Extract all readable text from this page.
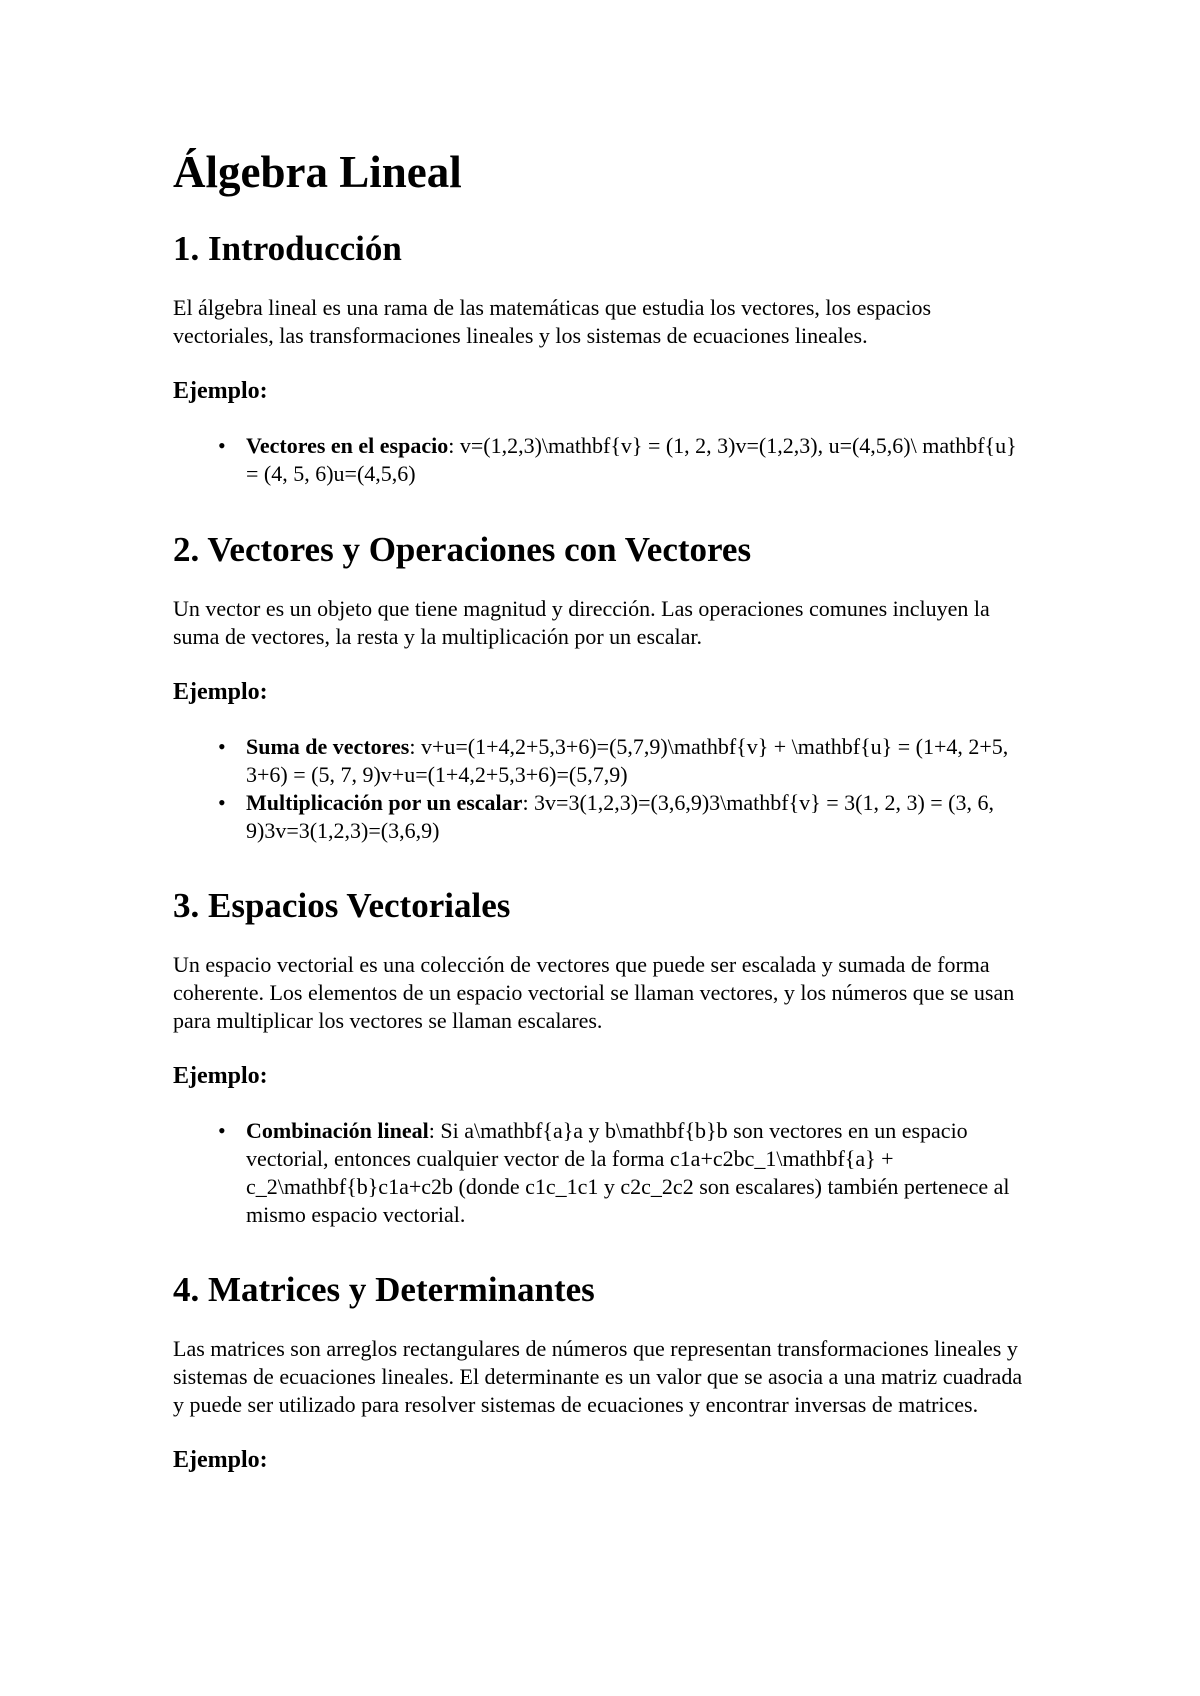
Álgebra Lineal
1. Introducción

El álgebra lineal es una rama de las matemáticas que estudia los vectores, los espacios vectoriales, las transformaciones lineales y los sistemas de ecuaciones lineales.

Ejemplo:

• Vectores en el espacio: v=(1,2,3)\mathbf{v} = (1, 2, 3)v=(1,2,3), u=(4,5,6)\ mathbf{u} = (4, 5, 6)u=(4,5,6)
2. Vectores y Operaciones con Vectores

Un vector es un objeto que tiene magnitud y dirección. Las operaciones comunes incluyen la suma de vectores, la resta y la multiplicación por un escalar.

Ejemplo:

• Suma de vectores: v+u=(1+4,2+5,3+6)=(5,7,9)\mathbf{v} + \mathbf{u} = (1+4, 2+5, 3+6) = (5, 7, 9)v+u=(1+4,2+5,3+6)=(5,7,9)
• Multiplicación por un escalar: 3v=3(1,2,3)=(3,6,9)3\mathbf{v} = 3(1, 2, 3) = (3, 6, 9)3v=3(1,2,3)=(3,6,9)
3. Espacios Vectoriales

Un espacio vectorial es una colección de vectores que puede ser escalada y sumada de forma coherente. Los elementos de un espacio vectorial se llaman vectores, y los números que se usan para multiplicar los vectores se llaman escalares.

Ejemplo:

• Combinación lineal: Si a\mathbf{a}a y b\mathbf{b}b son vectores en un espacio vectorial, entonces cualquier vector de la forma c1a+c2bc_1\mathbf{a} + c_2\mathbf{b}c1a+c2b (donde c1c_1c1 y c2c_2c2 son escalares) también pertenece al mismo espacio vectorial.
4. Matrices y Determinantes

Las matrices son arreglos rectangulares de números que representan transformaciones lineales y sistemas de ecuaciones lineales. El determinante es un valor que se asocia a una matriz cuadrada y puede ser utilizado para resolver sistemas de ecuaciones y encontrar inversas de matrices.

Ejemplo:
